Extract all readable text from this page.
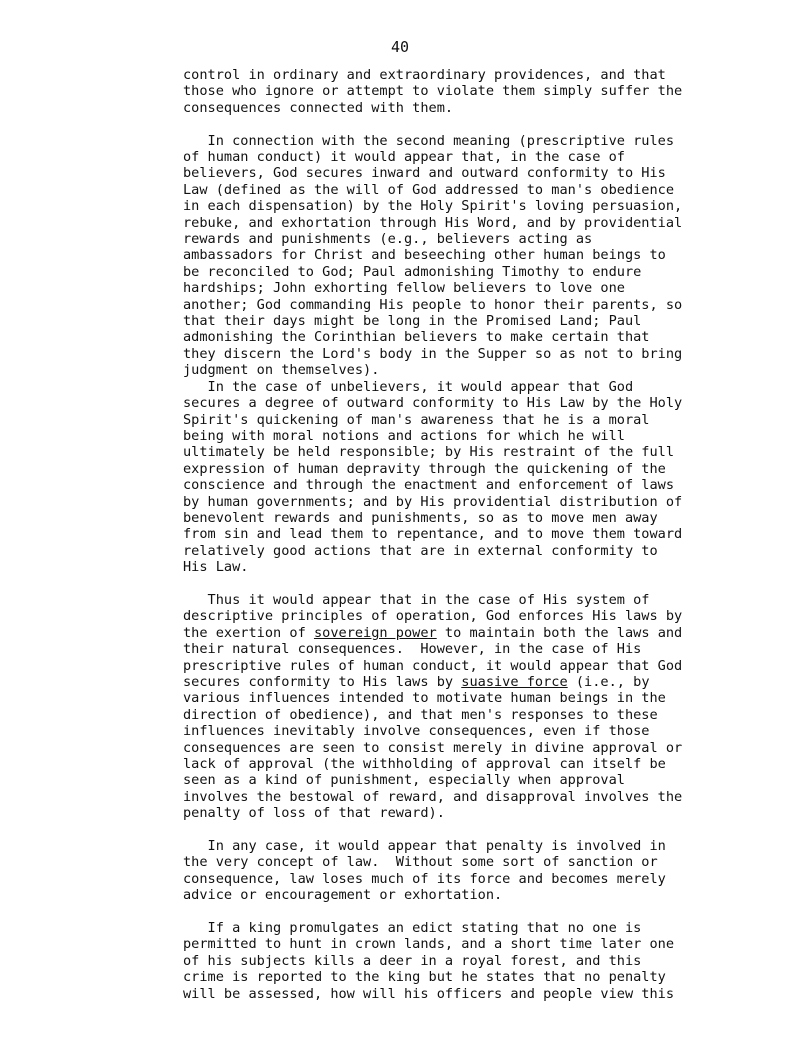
40
control in ordinary and extraordinary providences, and that
those who ignore or attempt to violate them simply suffer the
consequences connected with them.
In connection with the second meaning (prescriptive rules
of human conduct) it would appear that, in the case of
believers, God secures inward and outward conformity to His
Law (defined as the will of God addressed to man's obedience
in each dispensation) by the Holy Spirit's loving persuasion,
rebuke, and exhortation through His Word, and by providential
rewards and punishments (e.g., believers acting as
ambassadors for Christ and beseeching other human beings to
be reconciled to God; Paul admonishing Timothy to endure
hardships; John exhorting fellow believers to love one
another; God commanding His people to honor their parents, so
that their days might be long in the Promised Land; Paul
admonishing the Corinthian believers to make certain that
they discern the Lord's body in the Supper so as not to bring
judgment on themselves).
In the case of unbelievers, it would appear that God
secures a degree of outward conformity to His Law by the Holy
Spirit's quickening of man's awareness that he is a moral
being with moral notions and actions for which he will
ultimately be held responsible; by His restraint of the full
expression of human depravity through the quickening of the
conscience and through the enactment and enforcement of laws
by human governments; and by His providential distribution of
benevolent rewards and punishments, so as to move men away
from sin and lead them to repentance, and to move them toward
relatively good actions that are in external conformity to
His Law.
Thus it would appear that in the case of His system of
descriptive principles of operation, God enforces His laws by
the exertion of sovereign power to maintain both the laws and
their natural consequences.  However, in the case of His
prescriptive rules of human conduct, it would appear that God
secures conformity to His laws by suasive force (i.e., by
various influences intended to motivate human beings in the
direction of obedience), and that men's responses to these
influences inevitably involve consequences, even if those
consequences are seen to consist merely in divine approval or
lack of approval (the withholding of approval can itself be
seen as a kind of punishment, especially when approval
involves the bestowal of reward, and disapproval involves the
penalty of loss of that reward).
In any case, it would appear that penalty is involved in
the very concept of law.  Without some sort of sanction or
consequence, law loses much of its force and becomes merely
advice or encouragement or exhortation.
If a king promulgates an edict stating that no one is
permitted to hunt in crown lands, and a short time later one
of his subjects kills a deer in a royal forest, and this
crime is reported to the king but he states that no penalty
will be assessed, how will his officers and people view this
